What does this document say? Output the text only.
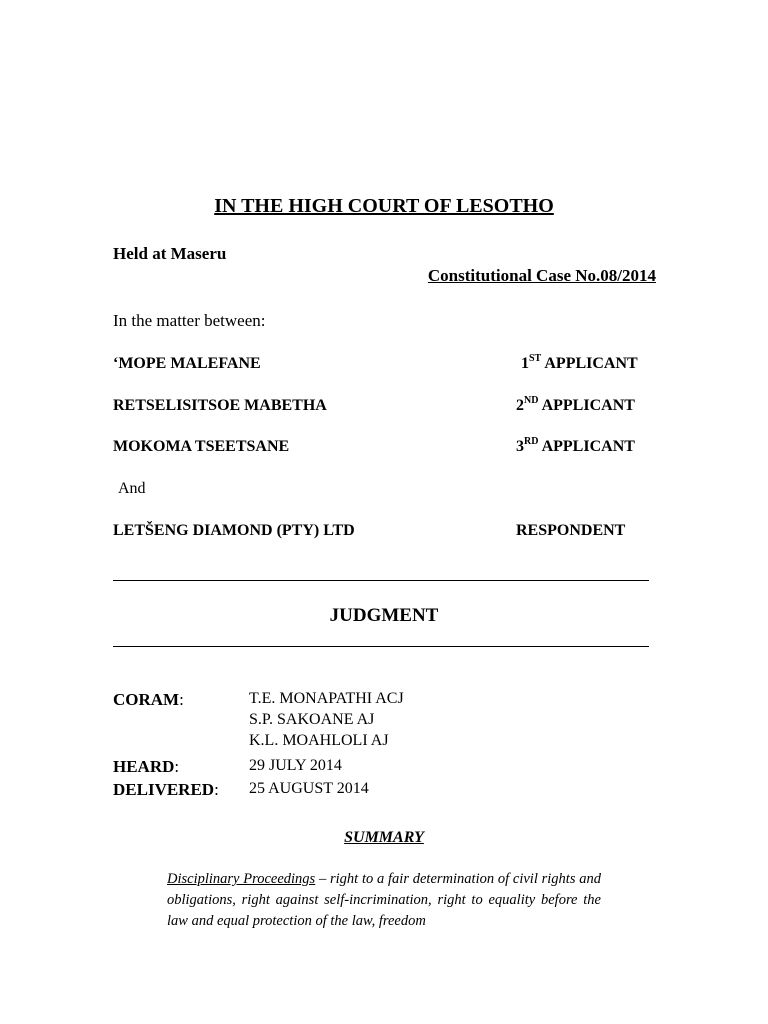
IN THE HIGH COURT OF LESOTHO
Held at Maseru
Constitutional Case No.08/2014
In the matter between:
‘MOPE MALEFANE	1ST APPLICANT
RETSELISITSOE MABETHA	2ND APPLICANT
MOKOMA TSEETSANE	3RD APPLICANT
And
LETŠENG DIAMOND (PTY) LTD	RESPONDENT
JUDGMENT
CORAM:	T.E. MONAPATHI ACJ
S.P. SAKOANE AJ
K.L. MOAHLOLI AJ
HEARD:	29 JULY 2014
DELIVERED: 25 AUGUST 2014
SUMMARY
Disciplinary Proceedings – right to a fair determination of civil rights and obligations, right against self-incrimination, right to equality before the law and equal protection of the law, freedom
